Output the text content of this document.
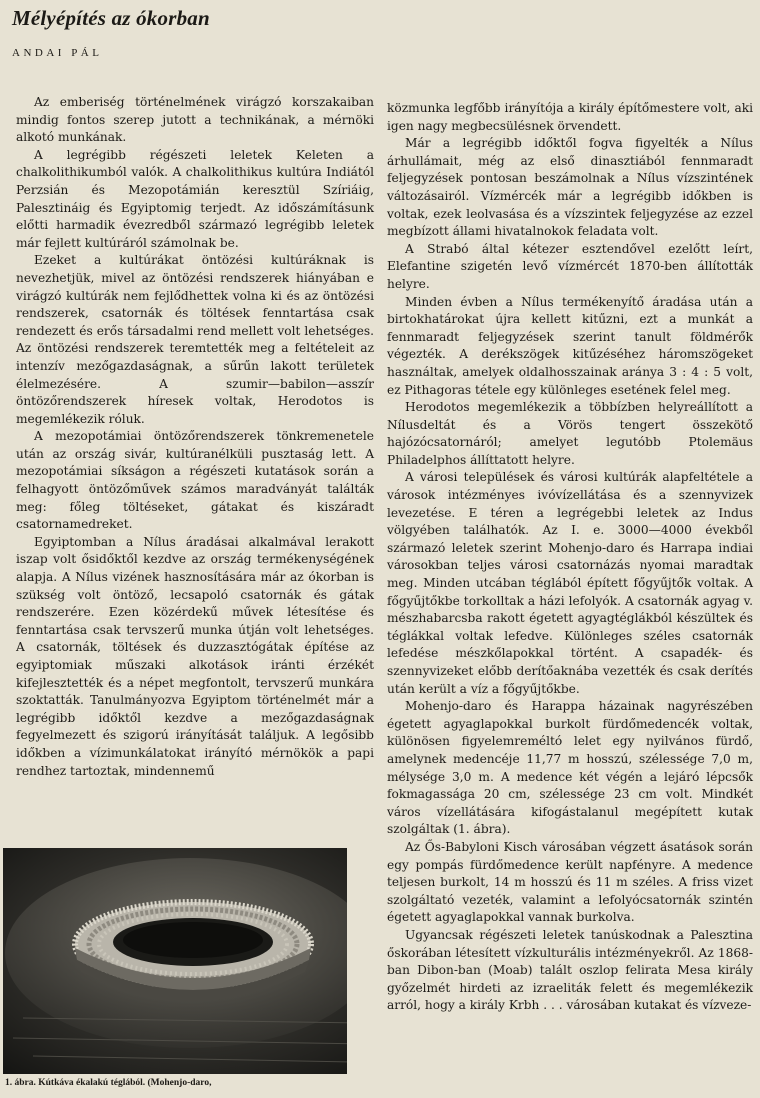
Mélyépítés az ókorban
ANDAI PÁL

Az emberiség történelmének virágzó korszakaiban mindig fontos szerep jutott a technikának, a mérnöki alkotó munkának.

A legrégibb régészeti leletek Keleten a chalkolithikumból valók. A chalkolithikus kultúra Indiától Perzsián és Mezopotámián keresztül Szíriáig, Palesztináig és Egyiptomig terjedt. Az időszámításunk előtti harmadik évezredből származó legrégibb leletek már fejlett kultúráról számolnak be.

Ezeket a kultúrákat öntözési kultúráknak is nevezhetjük, mivel az öntözési rendszerek hiányában e virágzó kultúrák nem fejlődhettek volna ki és az öntözési rendszerek, csatornák és töltések fenntartása csak rendezett és erős társadalmi rend mellett volt lehetséges. Az öntözési rendszerek teremtették meg a feltételeit az intenzív mezőgazdaságnak, a sűrűn lakott területek élelmezésére. A szumir—babilon—asszír öntözőrendszerek híresek voltak, Herodotos is megemlékezik róluk.

A mezopotámiai öntözőrendszerek tönkremenetele után az ország sivár, kultúranélküli pusztaság lett. A mezopotámiai síkságon a régészeti kutatások során a felhagyott öntözőművek számos maradványát találták meg: főleg töltéseket, gátakat és kiszáradt csatornamedreket.

Egyiptomban a Nílus áradásai alkalmával lerakott iszap volt ősidőktől kezdve az ország termékenységének alapja. A Nílus vizének hasznosítására már az ókorban is szükség volt öntöző, lecsapoló csatornák és gátak rendszerére. Ezen közérdekű művek létesítése és fenntartása csak tervszerű munka útján volt lehetséges. A csatornák, töltések és duzzasztógátak építése az egyiptomiak műszaki alkotások iránti érzékét kifejlesztették és a népet megfontolt, tervszerű munkára szoktatták. Tanulmányozva Egyiptom történelmét már a legrégibb időktől kezdve a mezőgazdaságnak fegyelmezett és szigorú irányítását találjuk. A legősibb időkben a vízimunkálatokat irányító mérnökök a papi rendhez tartoztak, mindennemű

1. ábra. Kútkáva ékalakú téglából. (Mohenjo-daro,

közmunka legfőbb irányítója a király építőmestere volt, aki igen nagy megbecsülésnek örvendett.

Már a legrégibb időktől fogva figyelték a Nílus árhullámait, még az első dinasztiából fennmaradt feljegyzések pontosan beszámolnak a Nílus vízszintének változásairól. Vízmércék már a legrégibb időkben is voltak, ezek leolvasása és a vízszintek feljegyzése az ezzel megbízott állami hivatalnokok feladata volt.

A Strabó által kétezer esztendővel ezelőtt leírt, Elefantine szigetén levő vízmércét 1870-ben állították helyre.

Minden évben a Nílus termékenyítő áradása után a birtokhatárokat újra kellett kitűzni, ezt a munkát a fennmaradt feljegyzések szerint tanult földmérők végezték. A derékszögek kitűzéséhez háromszögeket használtak, amelyek oldalhosszainak aránya 3 : 4 : 5 volt, ez Pithagoras tétele egy különleges esetének felel meg.

Herodotos megemlékezik a többízben helyreállított a Nílusdeltát és a Vörös tengert összekötő hajózócsatornáról; amelyet legutóbb Ptolemäus Philadelphos állíttatott helyre.

A városi települések és városi kultúrák alapfeltétele a városok intézményes ivóvízellátása és a szennyvizek levezetése. E téren a legrégebbi leletek az Indus völgyében találhatók. Az I. e. 3000—4000 évekből származó leletek szerint Mohenjo-daro és Harrapa indiai városokban teljes városi csatornázás nyomai maradtak meg. Minden utcában téglából épített főgyűjtők voltak. A főgyűjtőkbe torkolltak a házi lefolyók. A csatornák agyag v. mészhabarcsba rakott égetett agyagtéglákból készültek és téglákkal voltak lefedve. Különleges széles csatornák lefedése mészkőlapokkal történt. A csapadék- és szennyvizeket előbb derítőaknába vezették és csak derítés után került a víz a főgyűjtőkbe.

Mohenjo-daro és Harappa házainak nagyrészében égetett agyaglapokkal burkolt fürdőmedencék voltak, különösen figyelemreméltó lelet egy nyilvános fürdő, amelynek medencéje 11,77 m hosszú, szélessége 7,0 m, mélysége 3,0 m. A medence két végén a lejáró lépcsők fokmagassága 20 cm, szélessége 23 cm volt. Mindkét város vízellátására kifogástalanul megépített kutak szolgáltak (1. ábra).

Az Ős-Babyloni Kisch városában végzett ásatások során egy pompás fürdőmedence került napfényre. A medence teljesen burkolt, 14 m hosszú és 11 m széles. A friss vizet szolgáltató vezeték, valamint a lefolyócsatornák szintén égetett agyaglapokkal vannak burkolva.

Ugyancsak régészeti leletek tanúskodnak a Palesztina őskorában létesített vízkulturális intézményekről. Az 1868-ban Dibon-ban (Moab) talált oszlop felirata Mesa király győzelmét hirdeti az izraeliták felett és megemlékezik arról, hogy a király Krbh . . . városában kutakat és vízveze-
